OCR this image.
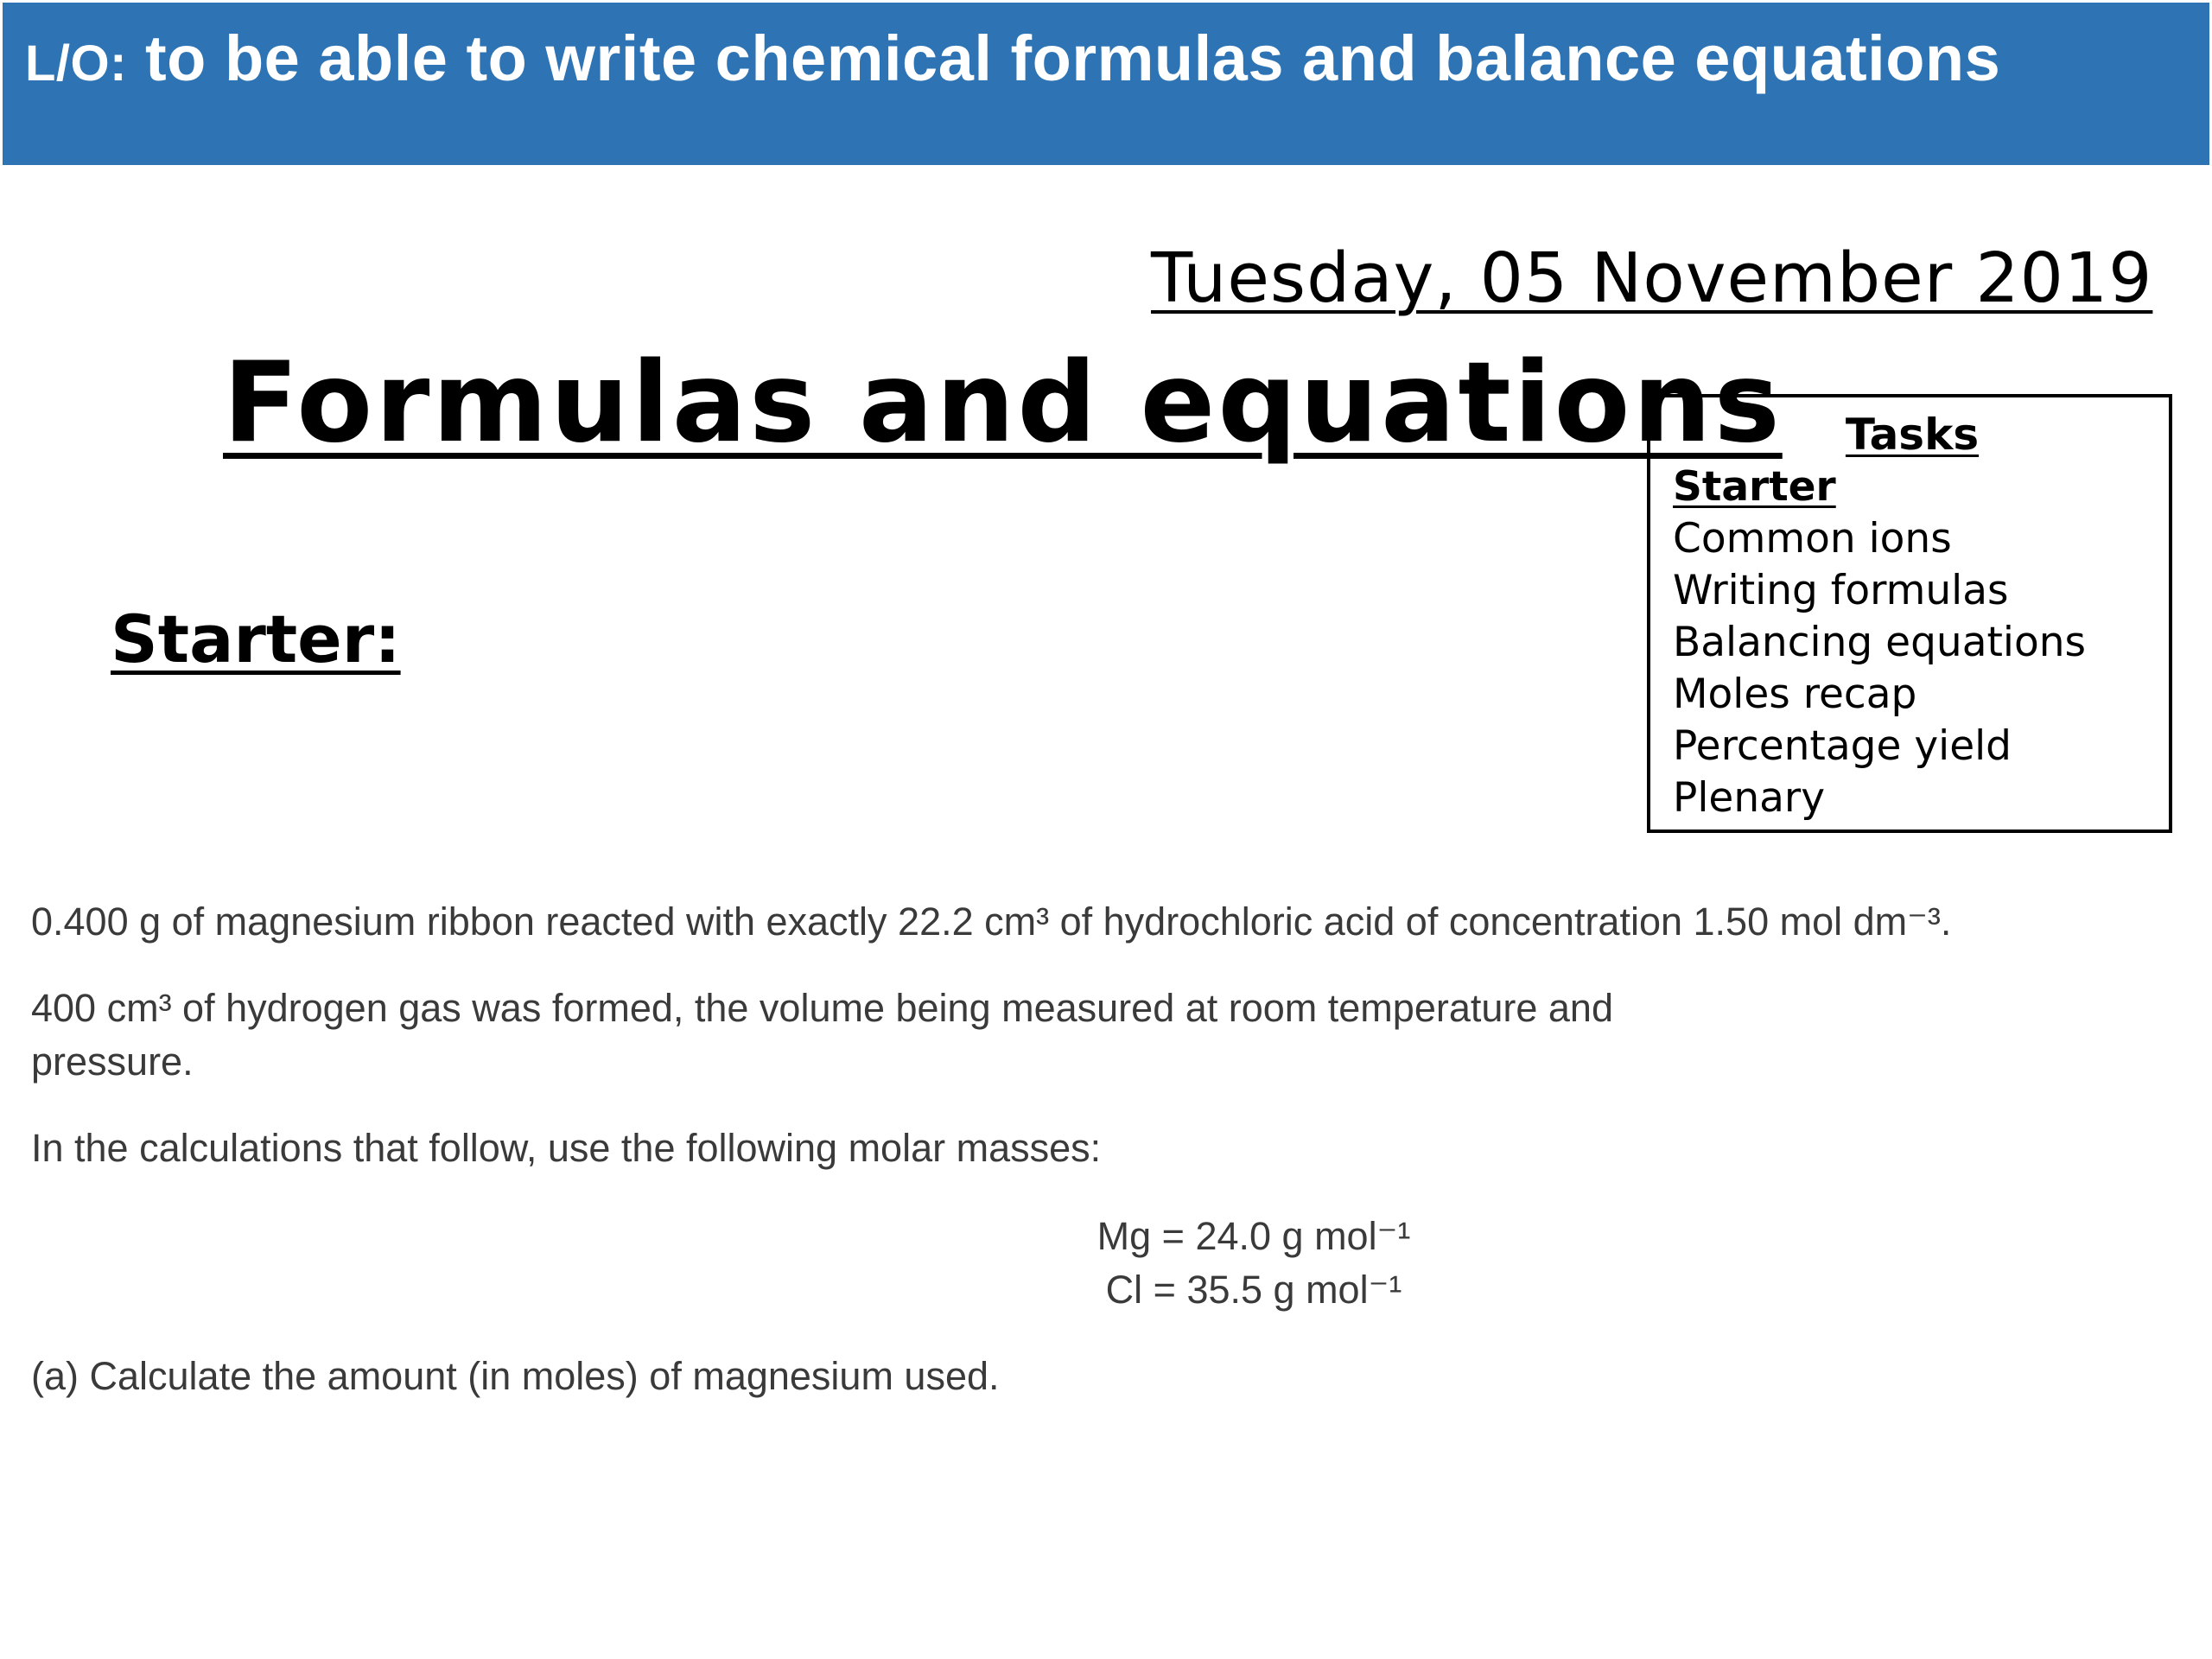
L/O: to be able to write chemical formulas and balance equations
Tuesday, 05 November 2019
Formulas and equations
Starter:
Tasks
Starter
Common ions
Writing formulas
Balancing equations
Moles recap
Percentage yield
Plenary

0.400 g of magnesium ribbon reacted with exactly 22.2 cm³ of hydrochloric acid of concentration 1.50 mol dm⁻³.

400 cm³ of hydrogen gas was formed, the volume being measured at room temperature and pressure.

In the calculations that follow, use the following molar masses:

Mg = 24.0 g mol⁻¹
Cl = 35.5 g mol⁻¹

(a) Calculate the amount (in moles) of magnesium used.
